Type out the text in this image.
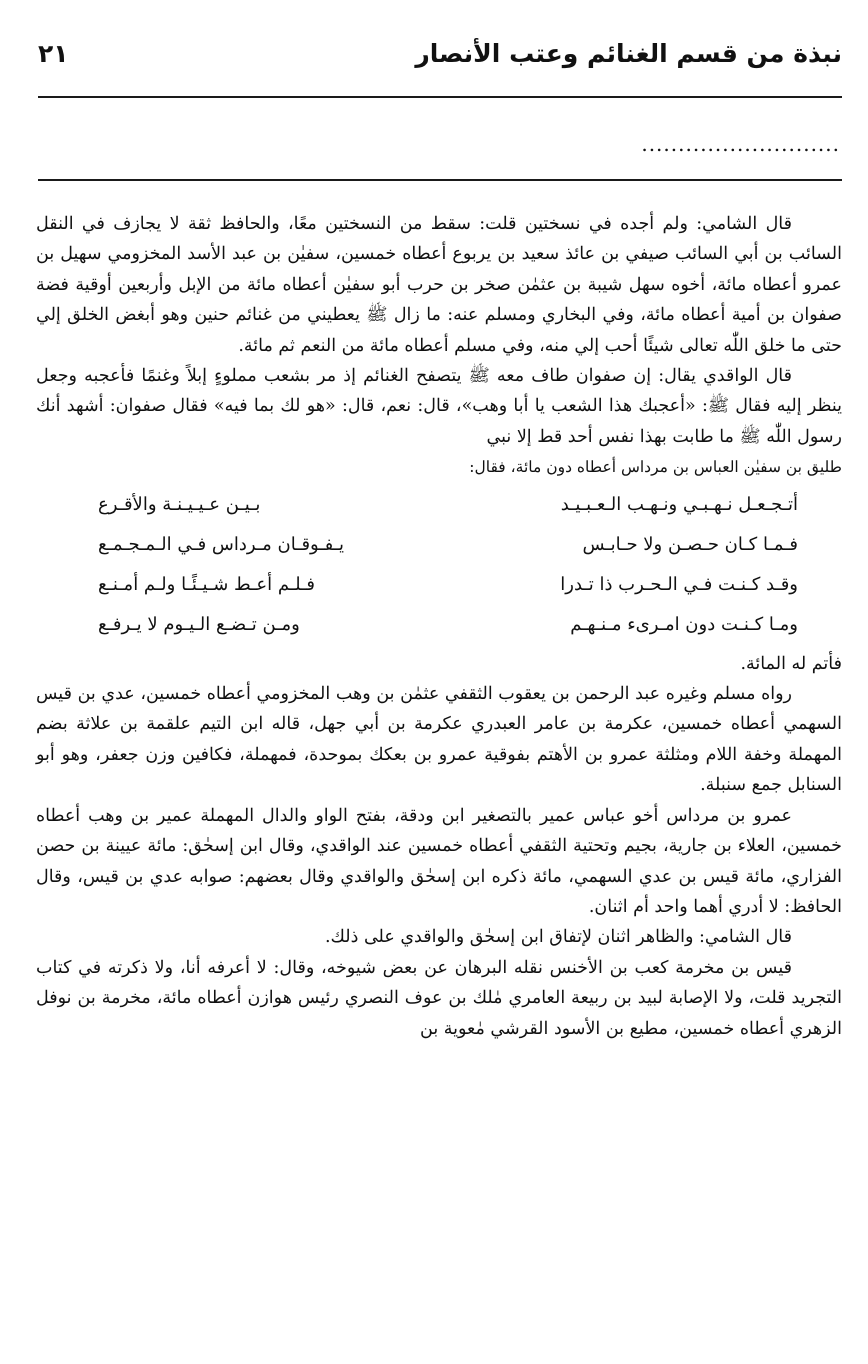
نبذة من قسم الغنائم وعتب الأنصار
٢١
...........................

قال الشامي: ولم أجده في نسختين قلت: سقط من النسختين معًا، والحافظ ثقة لا يجازف في النقل السائب بن أبي السائب صيفي بن عائذ سعيد بن يربوع أعطاه خمسين، سفيٰن بن عبد الأسد المخزومي سهيل بن عمرو أعطاه مائة، أخوه سهل شيبة بن عثمٰن صخر بن حرب أبو سفيٰن أعطاه مائة من الإبل وأربعين أوقية فضة صفوان بن أمية أعطاه مائة، وفي البخاري ومسلم عنه: ما زال ﷺ يعطيني من غنائم حنين وهو أبغض الخلق إلي حتى ما خلق اللّٰه تعالى شيئًا أحب إلي منه، وفي مسلم أعطاه مائة من النعم ثم مائة.

قال الواقدي يقال: إن صفوان طاف معه ﷺ يتصفح الغنائم إذ مر بشعب مملوءٍ إبلاً وغنمًا فأعجبه وجعل ينظر إليه فقال ﷺ: «أعجبك هذا الشعب يا أبا وهب»، قال: نعم، قال: «هو لك بما فيه» فقال صفوان: أشهد أنك رسول اللّٰه ﷺ ما طابت بهذا نفس أحد قط إلا نبي

طليق بن سفيٰن العباس بن مرداس أعطاه دون مائة، فقال:

أتـجـعـل نـهـبـي ونـهـب الـعـبـيـد
بـيـن عـيـيـنـة والأقـرع
فـمـا كـان حـصـن ولا حـابـس
يـفـوقـان مـرداس فـي الـمـجـمـع
وقـد كـنـت فـي الـحـرب ذا تـدرا
فـلـم أعـط شـيـئًـا ولـم أمـنـع
ومـا كـنـت دون امـرىء مـنـهـم
ومـن تـضـع الـيـوم لا يـرفـع

فأتم له المائة.

رواه مسلم وغيره عبد الرحمن بن يعقوب الثقفي عثمٰن بن وهب المخزومي أعطاه خمسين، عدي بن قيس السهمي أعطاه خمسين، عكرمة بن عامر العبدري عكرمة بن أبي جهل، قاله ابن التيم علقمة بن علاثة بضم المهملة وخفة اللام ومثلثة عمرو بن الأهتم بفوقية عمرو بن بعكك بموحدة، فمهملة، فكافين وزن جعفر، وهو أبو السنابل جمع سنبلة.

عمرو بن مرداس أخو عباس عمير بالتصغير ابن ودقة، بفتح الواو والدال المهملة عمير بن وهب أعطاه خمسين، العلاء بن جارية، بجيم وتحتية الثقفي أعطاه خمسين عند الواقدي، وقال ابن إسحٰق: مائة عيينة بن حصن الفزاري، مائة قيس بن عدي السهمي، مائة ذكره ابن إسحٰق والواقدي وقال بعضهم: صوابه عدي بن قيس، وقال الحافظ: لا أدري أهما واحد أم اثنان.

قال الشامي: والظاهر اثنان لإتفاق ابن إسحٰق والواقدي على ذلك.

قيس بن مخرمة كعب بن الأخنس نقله البرهان عن بعض شيوخه، وقال: لا أعرفه أنا، ولا ذكرته في كتاب التجريد قلت، ولا الإصابة لبيد بن ربيعة العامري مٰلك بن عوف النصري رئيس هوازن أعطاه مائة، مخرمة بن نوفل الزهري أعطاه خمسين، مطيع بن الأسود القرشي مٰعوية بن
